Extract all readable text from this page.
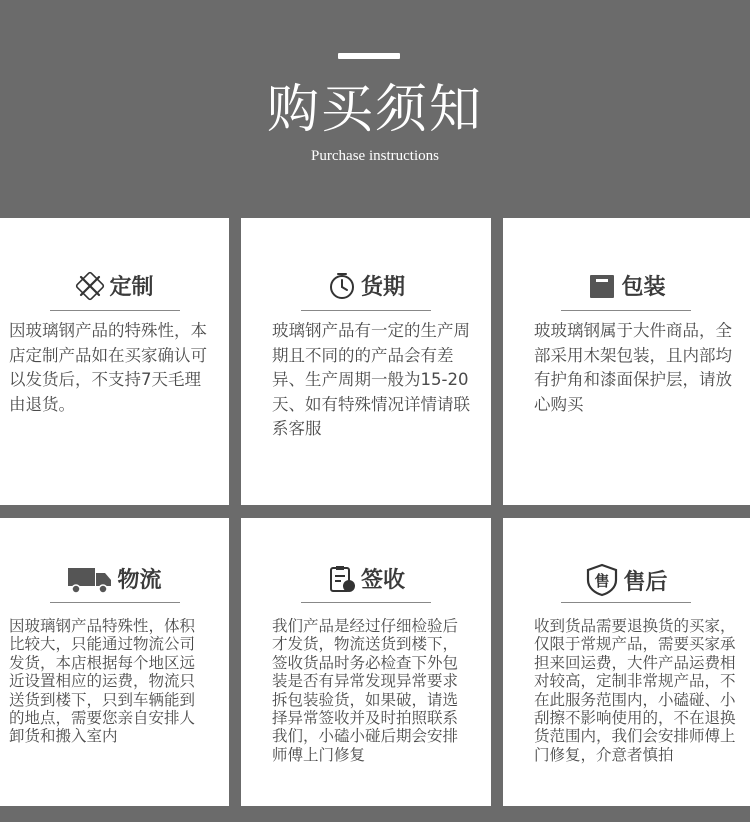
购买须知
Purchase instructions
定制
因玻璃钢产品的特殊性，本店定制产品如在买家确认可以发货后，不支持7天毛理由退货。
货期
玻璃钢产品有一定的生产周期且不同的的产品会有差异、生产周期一般为15-20天、如有特殊情况详情请联系客服
包装
玻玻璃钢属于大件商品，全部采用木架包装，且内部均有护角和漆面保护层，请放心购买
物流
因玻璃钢产品特殊性，体积比较大，只能通过物流公司发货，本店根据每个地区远近设置相应的运费，物流只送货到楼下，只到车辆能到的地点，需要您亲自安排人卸货和搬入室内
签收
我们产品是经过仔细检验后才发货，物流送货到楼下，签收货品时务必检查下外包装是否有异常发现异常要求拆包装验货，如果破，请选择异常签收并及时拍照联系我们，小磕小碰后期会安排师傅上门修复
售 售后
收到货品需要退换货的买家，仅限于常规产品，需要买家承担来回运费，大件产品运费相对较高，定制非常规产品，不在此服务范围内，小磕碰、小刮擦不影响使用的，不在退换货范围内，我们会安排师傅上门修复，介意者慎拍
